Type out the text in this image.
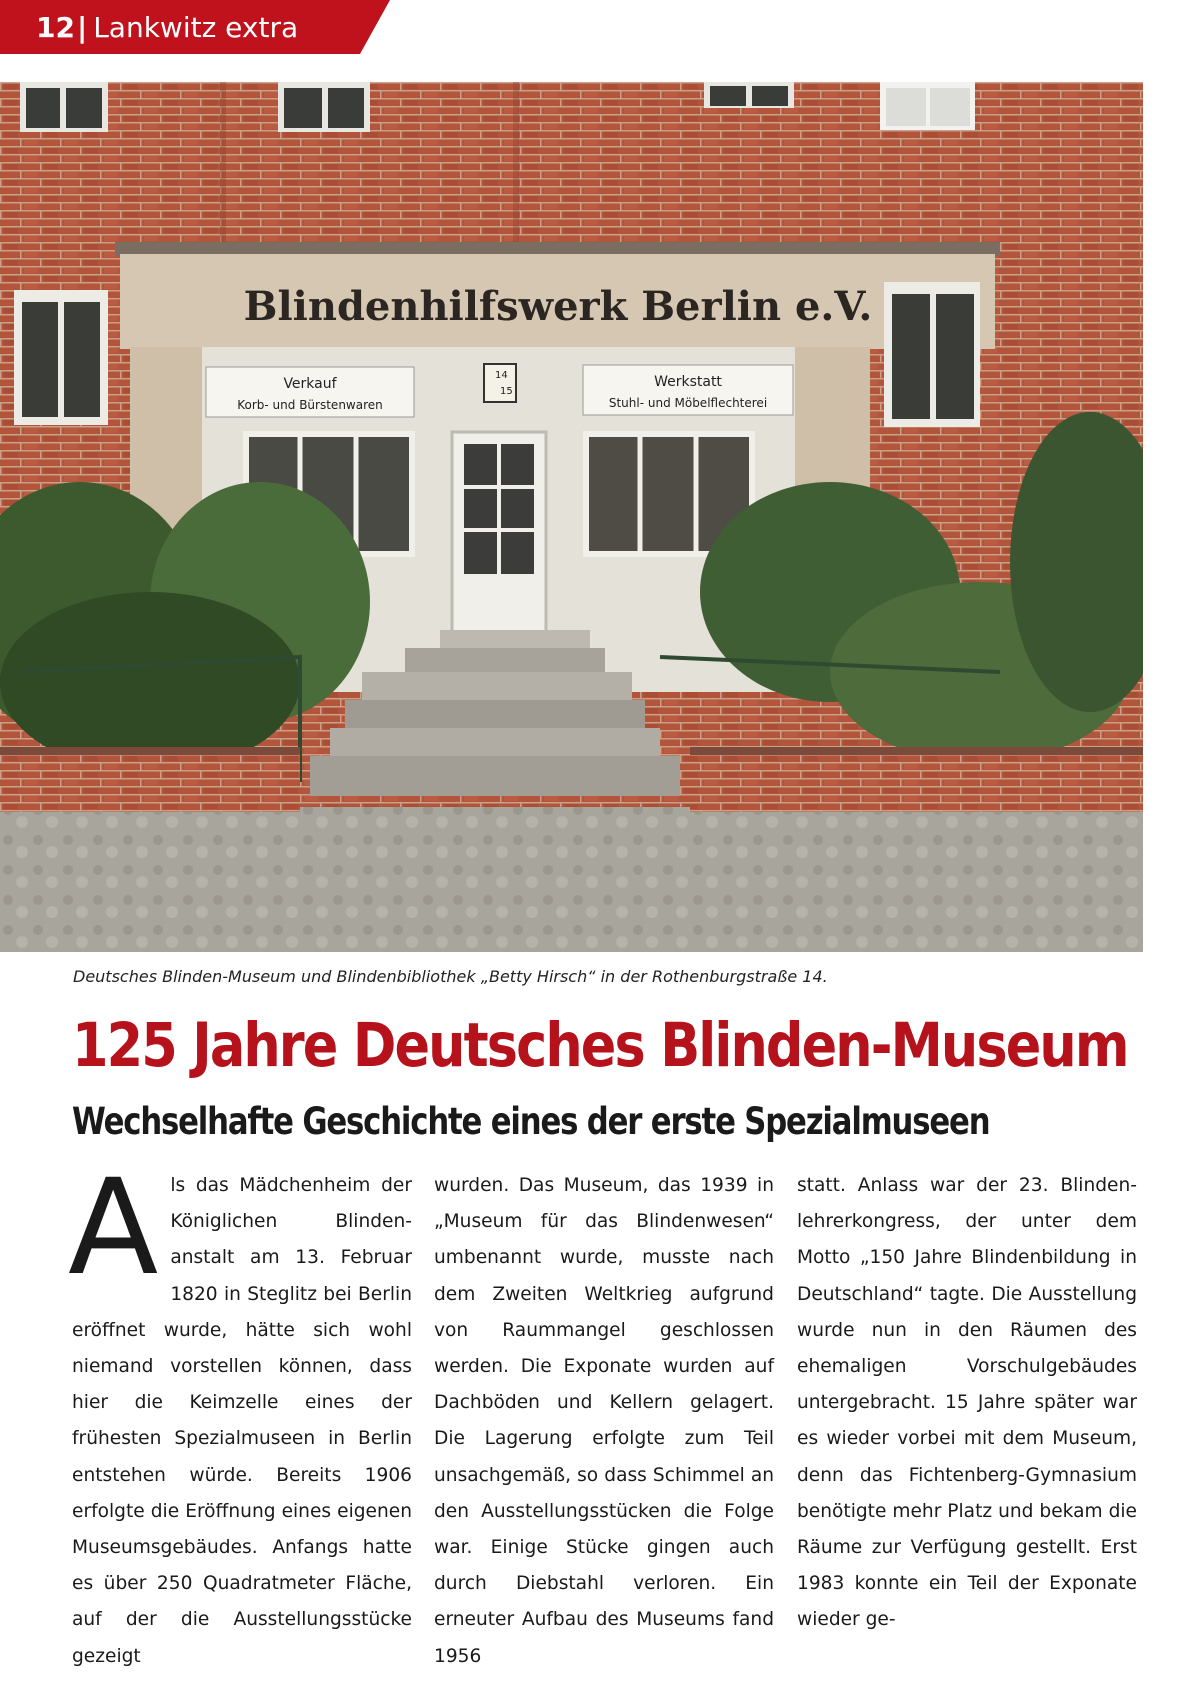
12| Lankwitz extra
Blindenhilfswerk Berlin e.V.
Verkauf
Korb- und Bürstenwaren
Werkstatt
Stuhl- und Möbelflechterei
14
15
Deutsches Blinden-Museum und Blindenbibliothek „Betty Hirsch“ in der Rothenburgstraße 14.
125 Jahre Deutsches Blinden-Museum
Wechselhafte Geschichte eines der erste Spezialmuseen
A ls das Mädchenheim der Königlichen Blindenanstalt am 13. Februar 1820 in Steglitz bei Berlin eröffnet wurde, hätte sich wohl niemand vorstellen können, dass hier die Keimzelle eines der frühesten Spezialmuseen in Berlin entstehen würde. Bereits 1906 erfolgte die Eröffnung eines eigenen Museumsgebäudes. Anfangs hatte es über 250 Quadratmeter Fläche, auf der die Ausstellungsstücke gezeigt

wurden. Das Museum, das 1939 in „Museum für das Blindenwesen“ umbenannt wurde, musste nach dem Zweiten Weltkrieg aufgrund von Raummangel geschlossen werden. Die Exponate wurden auf Dachböden und Kellern gelagert. Die Lagerung erfolgte zum Teil unsachgemäß, so dass Schimmel an den Ausstellungsstücken die Folge war. Einige Stücke gingen auch durch Diebstahl verloren. Ein erneuter Aufbau des Museums fand 1956

statt. Anlass war der 23. Blindenlehrerkongress, der unter dem Motto „150 Jahre Blindenbildung in Deutschland“ tagte. Die Ausstellung wurde nun in den Räumen des ehemaligen Vorschulgebäudes untergebracht. 15 Jahre später war es wieder vorbei mit dem Museum, denn das Fichtenberg-Gymnasium benötigte mehr Platz und bekam die Räume zur Verfügung gestellt. Erst 1983 konnte ein Teil der Exponate wieder ge-
